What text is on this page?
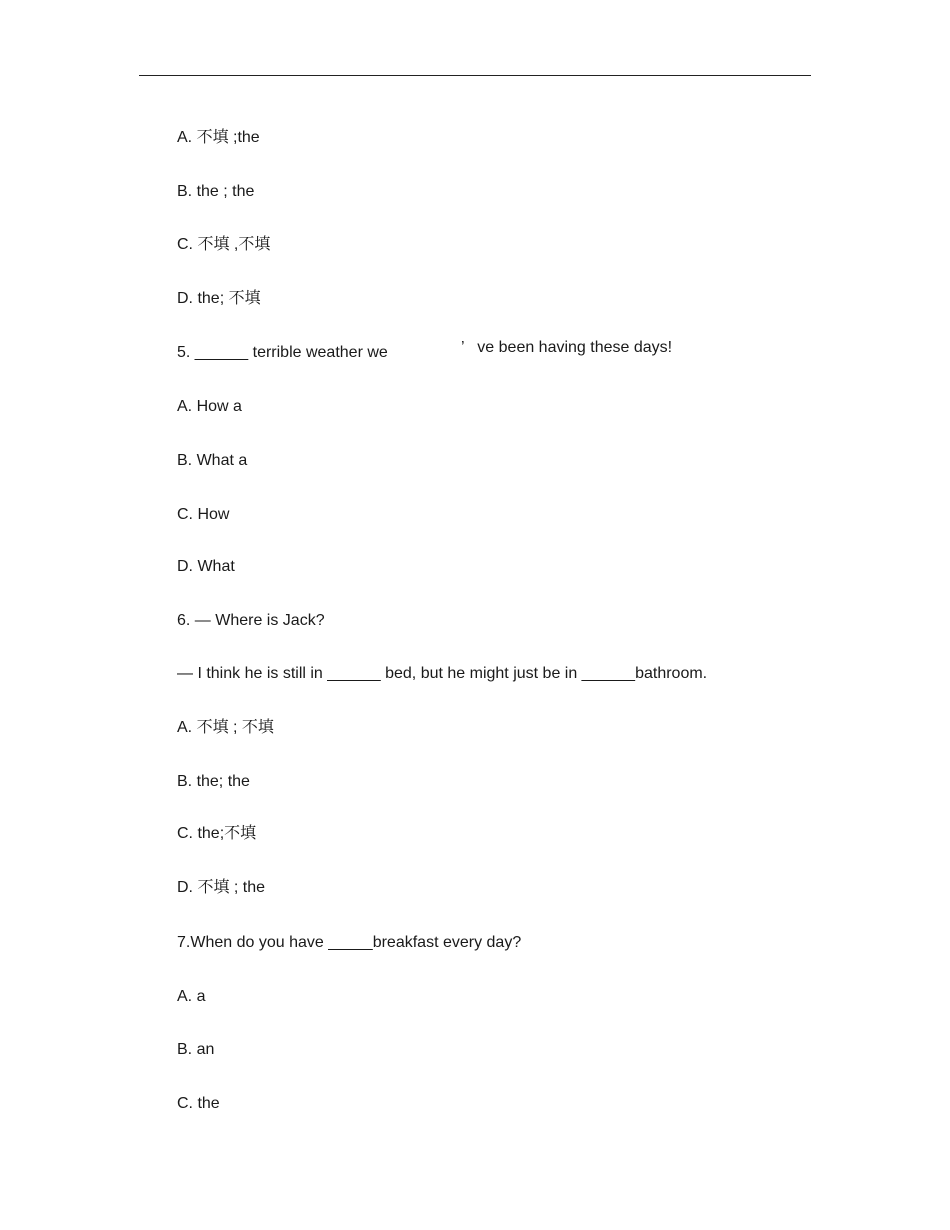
A. 不填 ;the
B. the ; the
C. 不填 ,不填
D. the; 不填
5. ______ terrible weather we	’   ve been having these days!
A. How a
B. What a
C. How
D. What
6. — Where is Jack?
— I think he is still in ______ bed, but he might just be in ______bathroom.
A. 不填 ; 不填
B. the; the
C. the;不填
D. 不填 ; the
7.When do you have _____breakfast every day?
A. a
B. an
C. the
